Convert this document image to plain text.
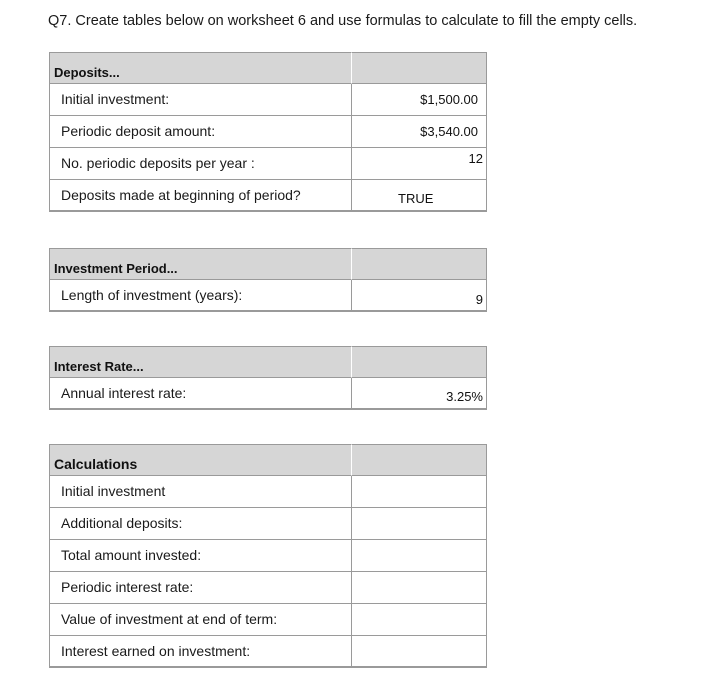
Q7. Create tables below on worksheet 6 and use formulas to calculate to fill the empty cells.
Deposits...
Initial investment:	$1,500.00
Periodic deposit amount:	$3,540.00
No. periodic deposits per year :	12
Deposits made at beginning of period?	TRUE
Investment Period...
Length of investment (years):	9
Interest Rate...
Annual interest rate:	3.25%
Calculations
Initial investment
Additional deposits:
Total amount invested:
Periodic interest rate:
Value of investment at end of term:
Interest earned on investment:
